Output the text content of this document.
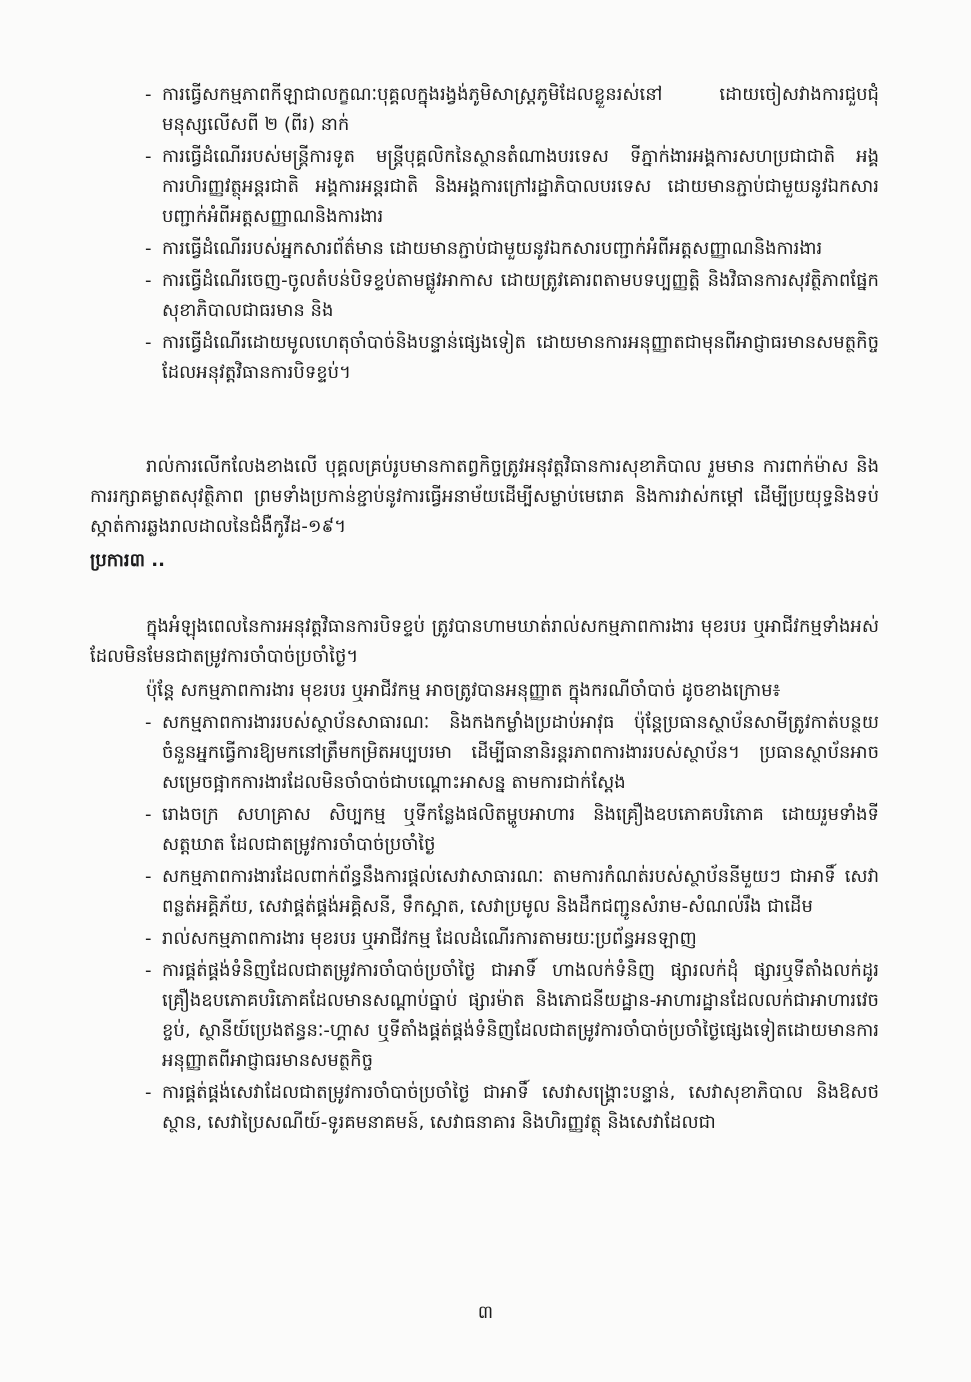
- ការធ្វើសកម្មភាពកីឡាជាលក្ខណៈបុគ្គលក្នុងរង្វង់ភូមិសាស្ត្រភូមិដែលខ្លួនរស់នៅ ដោយចៀសវាងការជួបជុំមនុស្សលើសពី ២ (ពីរ) នាក់
- ការធ្វើដំណើររបស់មន្ត្រីការទូត មន្ត្រីបុគ្គលិកនៃស្ថានតំណាងបរទេស ទីភ្នាក់ងារអង្គការសហប្រជាជាតិ អង្គការហិរញ្ញវត្ថុអន្តរជាតិ អង្គការអន្តរជាតិ និងអង្គការក្រៅរដ្ឋាភិបាលបរទេស ដោយមានភ្ជាប់ជាមួយនូវឯកសារបញ្ជាក់អំពីអត្តសញ្ញាណនិងការងារ
- ការធ្វើដំណើររបស់អ្នកសារព័ត៌មាន ដោយមានភ្ជាប់ជាមួយនូវឯកសារបញ្ជាក់អំពីអត្តសញ្ញាណនិងការងារ
- ការធ្វើដំណើរចេញ-ចូលតំបន់បិទខ្ទប់តាមផ្លូវអាកាស ដោយត្រូវគោរពតាមបទប្បញ្ញត្តិ និងវិធានការសុវត្ថិភាពផ្នែកសុខាភិបាលជាធរមាន និង
- ការធ្វើដំណើរដោយមូលហេតុចាំបាច់និងបន្ទាន់ផ្សេងទៀត ដោយមានការអនុញ្ញាតជាមុនពីអាជ្ញាធរមានសមត្ថកិច្ចដែលអនុវត្តវិធានការបិទខ្ទប់។

រាល់ការលើកលែងខាងលើ បុគ្គលគ្រប់រូបមានកាតព្វកិច្ចត្រូវអនុវត្តវិធានការសុខាភិបាល រួមមាន ការពាក់ម៉ាស និងការរក្សាគម្លាតសុវត្ថិភាព ព្រមទាំងប្រកាន់ខ្ជាប់នូវការធ្វើអនាម័យដើម្បីសម្លាប់មេរោគ និងការវាស់កម្ដៅ ដើម្បីប្រយុទ្ធនិងទប់ស្កាត់ការឆ្លងរាលដាលនៃជំងឺកូវីដ-១៩។

ប្រការ៣ ..

ក្នុងអំឡុងពេលនៃការអនុវត្តវិធានការបិទខ្ទប់ ត្រូវបានហាមឃាត់រាល់សកម្មភាពការងារ មុខរបរ ឬអាជីវកម្មទាំងអស់ ដែលមិនមែនជាតម្រូវការចាំបាច់ប្រចាំថ្ងៃ។

ប៉ុន្តែ សកម្មភាពការងារ មុខរបរ ឬអាជីវកម្ម អាចត្រូវបានអនុញ្ញាត ក្នុងករណីចាំបាច់ ដូចខាងក្រោម៖

- សកម្មភាពការងាររបស់ស្ថាប័នសាធារណៈ និងកងកម្លាំងប្រដាប់អាវុធ ប៉ុន្តែប្រធានស្ថាប័នសាមីត្រូវកាត់បន្ថយចំនួនអ្នកធ្វើការឱ្យមកនៅត្រឹមកម្រិតអប្បបរមា ដើម្បីធានានិរន្តរភាពការងាររបស់ស្ថាប័ន។ ប្រធានស្ថាប័នអាចសម្រេចផ្អាកការងារដែលមិនចាំបាច់ជាបណ្ដោះអាសន្ន តាមការជាក់ស្ដែង
- រោងចក្រ សហគ្រាស សិប្បកម្ម ឬទីកន្លែងផលិតម្ហូបអាហារ និងគ្រឿងឧបភោគបរិភោគ ដោយរួមទាំងទីសត្តឃាត ដែលជាតម្រូវការចាំបាច់ប្រចាំថ្ងៃ
- សកម្មភាពការងារដែលពាក់ព័ន្ធនឹងការផ្ដល់សេវាសាធារណៈ តាមការកំណត់របស់ស្ថាប័ននីមួយៗ ជាអាទិ៍ សេវាពន្លត់អគ្គិភ័យ, សេវាផ្គត់ផ្គង់អគ្គិសនី, ទឹកស្អាត, សេវាប្រមូល និងដឹកជញ្ជូនសំរាម-សំណល់រឹង ជាដើម
- រាល់សកម្មភាពការងារ មុខរបរ ឬអាជីវកម្ម ដែលដំណើរការតាមរយៈប្រព័ន្ធអនឡាញ
- ការផ្គត់ផ្គង់ទំនិញដែលជាតម្រូវការចាំបាច់ប្រចាំថ្ងៃ ជាអាទិ៍ ហាងលក់ទំនិញ ផ្សារលក់ដុំ ផ្សារឬទីតាំងលក់ដូរគ្រឿងឧបភោគបរិភោគដែលមានសណ្ដាប់ធ្នាប់ ផ្សារម៉ាត និងភោជនីយដ្ឋាន-អាហារដ្ឋានដែលលក់ជាអាហារវេចខ្ចប់, ស្ថានីយ៍ប្រេងឥន្ធនៈ-ហ្គាស ឬទីតាំងផ្គត់ផ្គង់ទំនិញដែលជាតម្រូវការចាំបាច់ប្រចាំថ្ងៃផ្សេងទៀតដោយមានការអនុញ្ញាតពីអាជ្ញាធរមានសមត្ថកិច្ច
- ការផ្គត់ផ្គង់សេវាដែលជាតម្រូវការចាំបាច់ប្រចាំថ្ងៃ ជាអាទិ៍ សេវាសង្គ្រោះបន្ទាន់, សេវាសុខាភិបាល និងឱសថស្ថាន, សេវាប្រៃសណីយ៍-ទូរគមនាគមន៍, សេវាធនាគារ និងហិរញ្ញវត្ថុ និងសេវាដែលជា
៣
